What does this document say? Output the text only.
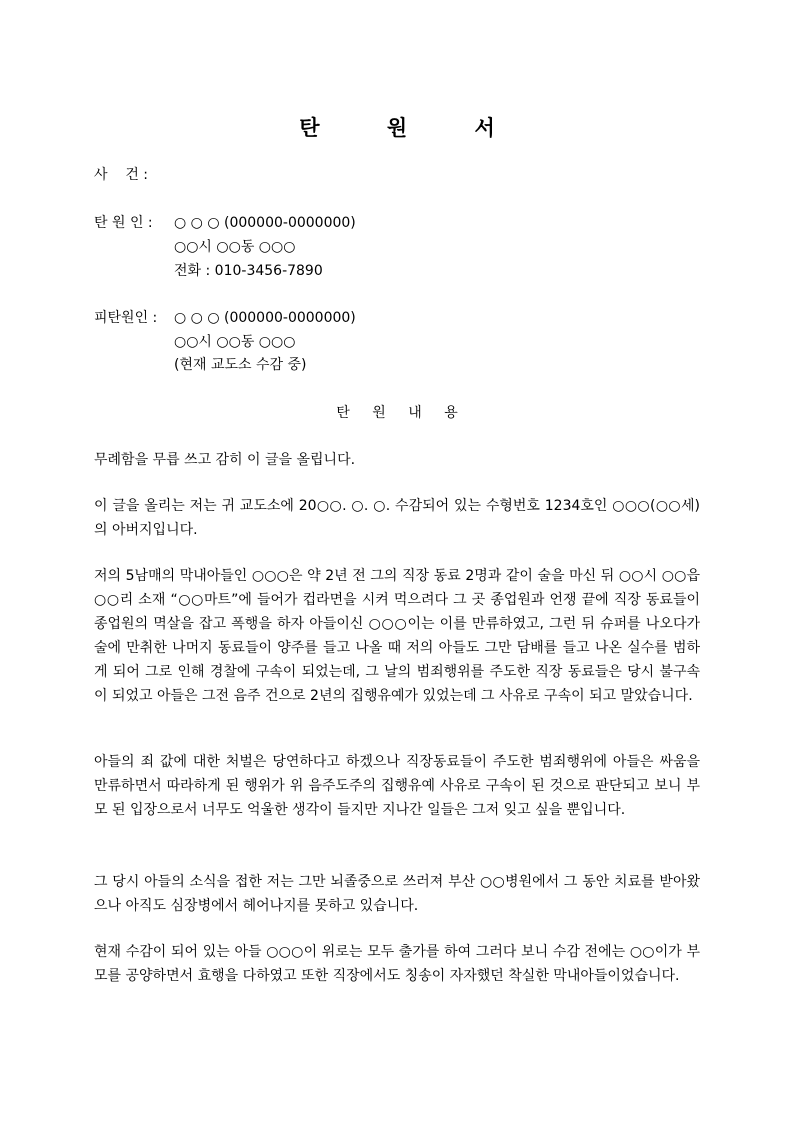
탄 원 서
사    건 :
탄 원 인 : ○ ○ ○ (000000-0000000)
○○시 ○○동 ○○○
전화 : 010-3456-7890
피탄원인 : ○ ○ ○ (000000-0000000)
○○시 ○○동 ○○○
(현재 교도소 수감 중)
탄 원 내 용
무례함을 무릅 쓰고 감히 이 글을 올립니다.
이 글을 올리는 저는 귀 교도소에 20○○. ○. ○. 수감되어 있는 수형번호 1234호인 ○○○(○○세)의 아버지입니다.
저의 5남매의 막내아들인 ○○○은 약 2년 전 그의 직장 동료 2명과 같이 술을 마신 뒤 ○○시 ○○읍 ○○리 소재 “○○마트”에 들어가 컵라면을 시켜 먹으려다 그 곳 종업원과 언쟁 끝에 직장 동료들이 종업원의 멱살을 잡고 폭행을 하자 아들이신 ○○○이는 이를 만류하였고, 그런 뒤 슈퍼를 나오다가 술에 만취한 나머지 동료들이 양주를 들고 나올 때 저의 아들도 그만 담배를 들고 나온 실수를 범하게 되어 그로 인해 경찰에 구속이 되었는데, 그 날의 범죄행위를 주도한 직장 동료들은 당시 불구속이 되었고 아들은 그전 음주 건으로 2년의 집행유예가 있었는데 그 사유로 구속이 되고 말았습니다.
아들의 죄 값에 대한 처벌은 당연하다고 하겠으나 직장동료들이 주도한 범죄행위에 아들은 싸움을 만류하면서 따라하게 된 행위가 위 음주도주의 집행유예 사유로 구속이 된 것으로 판단되고 보니 부모 된 입장으로서 너무도 억울한 생각이 들지만 지나간 일들은 그저 잊고 싶을 뿐입니다.
그 당시 아들의 소식을 접한 저는 그만 뇌졸중으로 쓰러져 부산 ○○병원에서 그 동안 치료를 받아왔으나 아직도 심장병에서 헤어나지를 못하고 있습니다.
현재 수감이 되어 있는 아들 ○○○이 위로는 모두 출가를 하여 그러다 보니 수감 전에는 ○○이가 부모를 공양하면서 효행을 다하였고 또한 직장에서도 칭송이 자자했던 착실한 막내아들이었습니다.
